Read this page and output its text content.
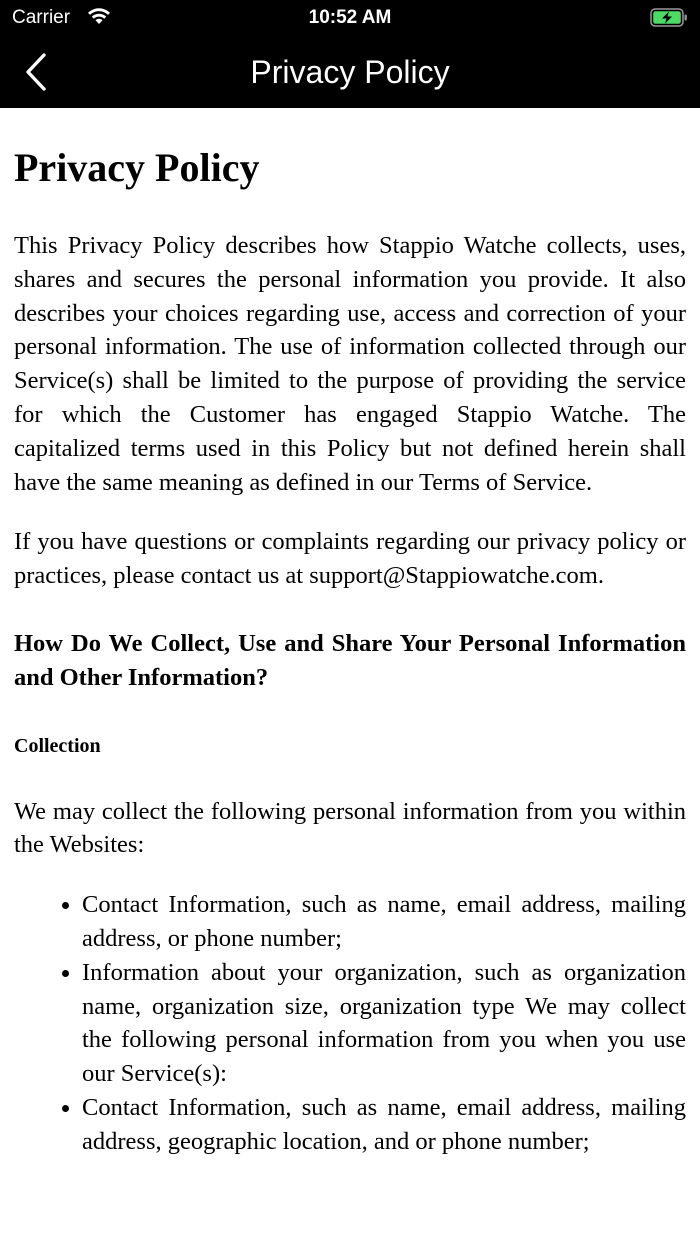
Carrier	10:52 AM
Privacy Policy
Privacy Policy

This Privacy Policy describes how Stappio Watche collects, uses, shares and secures the personal information you provide. It also describes your choices regarding use, access and correction of your personal information. The use of information collected through our Service(s) shall be limited to the purpose of providing the service for which the Customer has engaged Stappio Watche. The capitalized terms used in this Policy but not defined herein shall have the same meaning as defined in our Terms of Service.

If you have questions or complaints regarding our privacy policy or practices, please contact us at support@Stappiowatche.com.

How Do We Collect, Use and Share Your Personal Information and Other Information?
Collection

We may collect the following personal information from you within the Websites:

• Contact Information, such as name, email address, mailing address, or phone number;
• Information about your organization, such as organization name, organization size, organization type We may collect the following personal information from you when you use our Service(s):
• Contact Information, such as name, email address, mailing address, geographic location, and or phone number;
